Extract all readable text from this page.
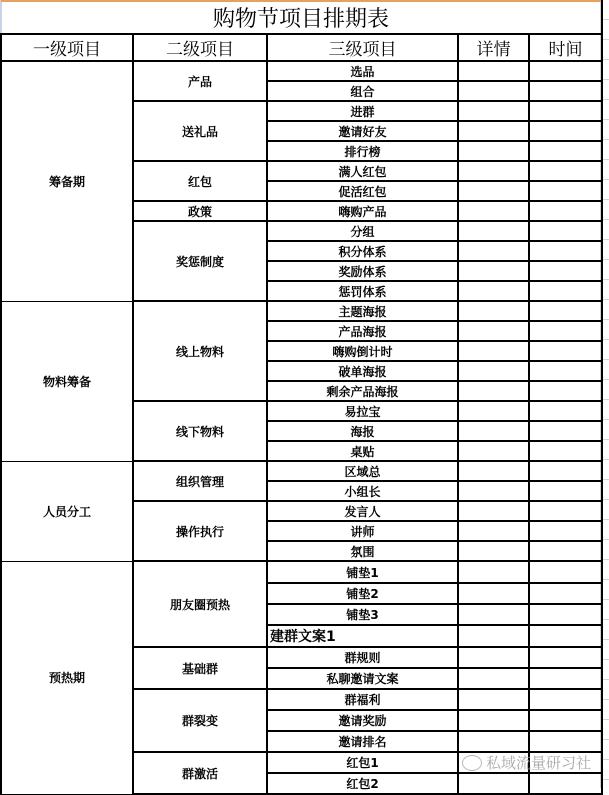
购物节项目排期表				
一级项目	二级项目	三级项目	详情	时间
筹备期	产品	选品		
		组合		
	送礼品	进群		
		邀请好友		
		排行榜		
	红包	满人红包		
		促活红包		
	政策	嗨购产品		
	奖惩制度	分组		
		积分体系		
		奖励体系		
		惩罚体系		
物料筹备	线上物料	主题海报		
		产品海报		
		嗨购倒计时		
		破单海报		
		剩余产品海报		
	线下物料	易拉宝		
		海报		
		桌贴		
人员分工	组织管理	区域总		
		小组长		
	操作执行	发言人		
		讲师		
		氛围		
预热期	朋友圈预热	铺垫1		
		铺垫2		
		铺垫3		
		建群文案1		
	基础群	群规则		
		私聊邀请文案		
	群裂变	群福利		
		邀请奖励		
		邀请排名		
	群激活	红包1		
		红包2		
私域流量研习社
